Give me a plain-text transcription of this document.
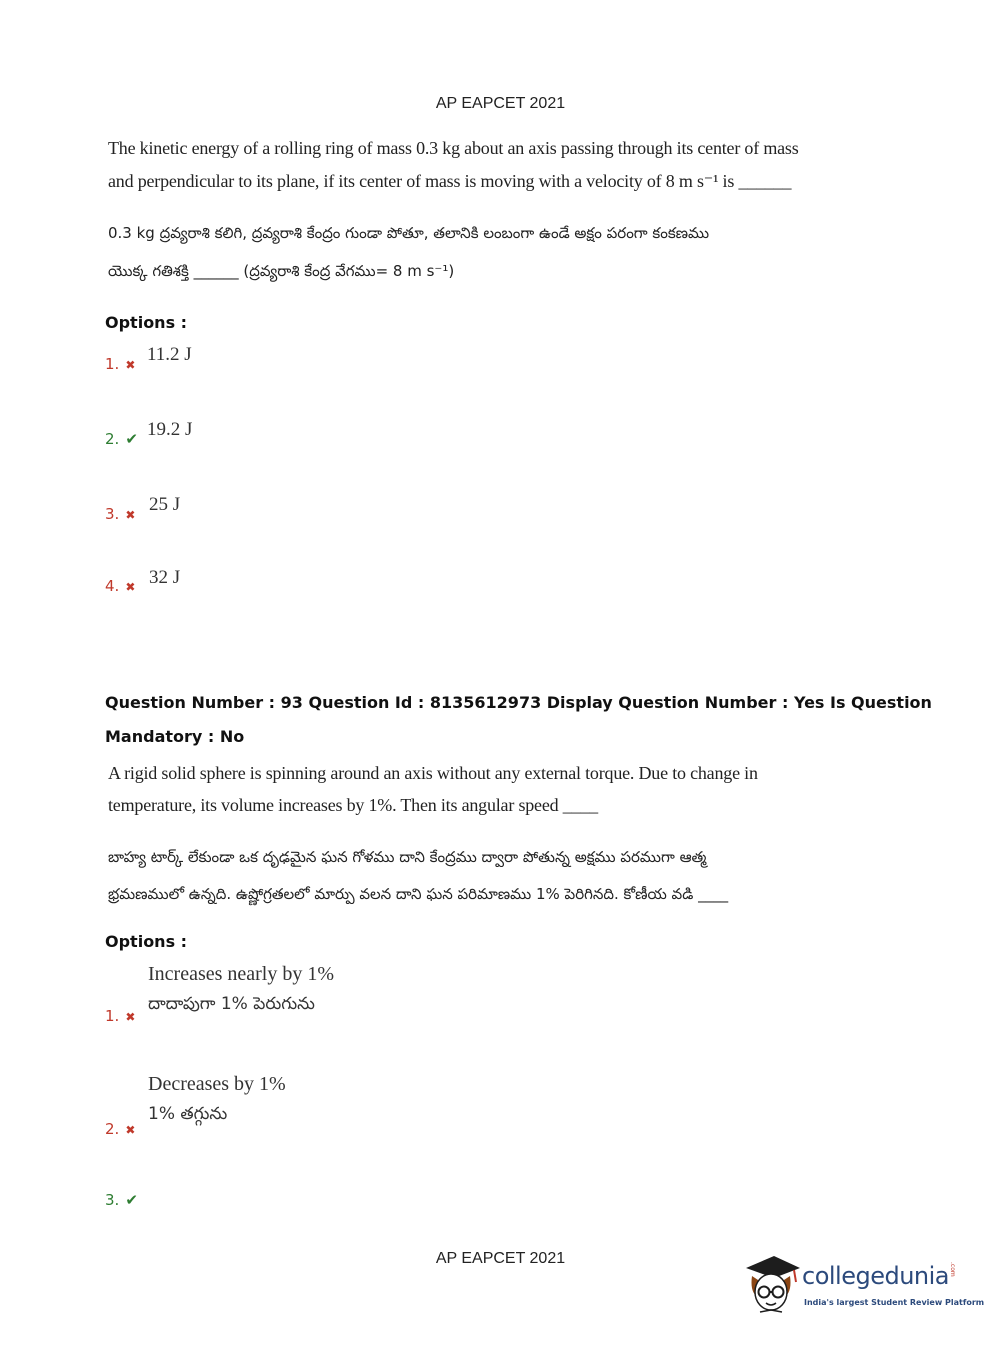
AP EAPCET 2021
The kinetic energy of a rolling ring of mass 0.3 kg about an axis passing through its center of mass
and perpendicular to its plane, if its center of mass is moving with a velocity of 8 m s⁻¹ is ______
0.3 kg ద్రవ్యరాశి కలిగి, ద్రవ్యరాశి కేంద్రం గుండా పోతూ, తలానికి లంబంగా ఉండే అక్షం పరంగా కంకణము
యొక్క గతిశక్తి ______ (ద్రవ్యరాశి కేంద్ర వేగము= 8 m s⁻¹)
Options :
1. ✖ 11.2 J
2. ✔ 19.2 J
3. ✖ 25 J
4. ✖ 32 J
Question Number : 93 Question Id : 8135612973 Display Question Number : Yes Is Question
Mandatory : No
A rigid solid sphere is spinning around an axis without any external torque. Due to change in
temperature, its volume increases by 1%. Then its angular speed ____
బాహ్య టార్క్ లేకుండా ఒక దృఢమైన ఘన గోళము దాని కేంద్రము ద్వారా పోతున్న అక్షము పరముగా ఆత్మ
భ్రమణములో ఉన్నది. ఉష్ణోగ్రతలలో మార్పు వలన దాని ఘన పరిమాణము 1% పెరిగినది. కోణీయ వడి ____
Options :
Increases nearly by 1%
దాదాపుగా 1% పెరుగును
1. ✖
Decreases by 1%
1% తగ్గును
2. ✖
3. ✔
AP EAPCET 2021
collegedunia.com
India's largest Student Review Platform
